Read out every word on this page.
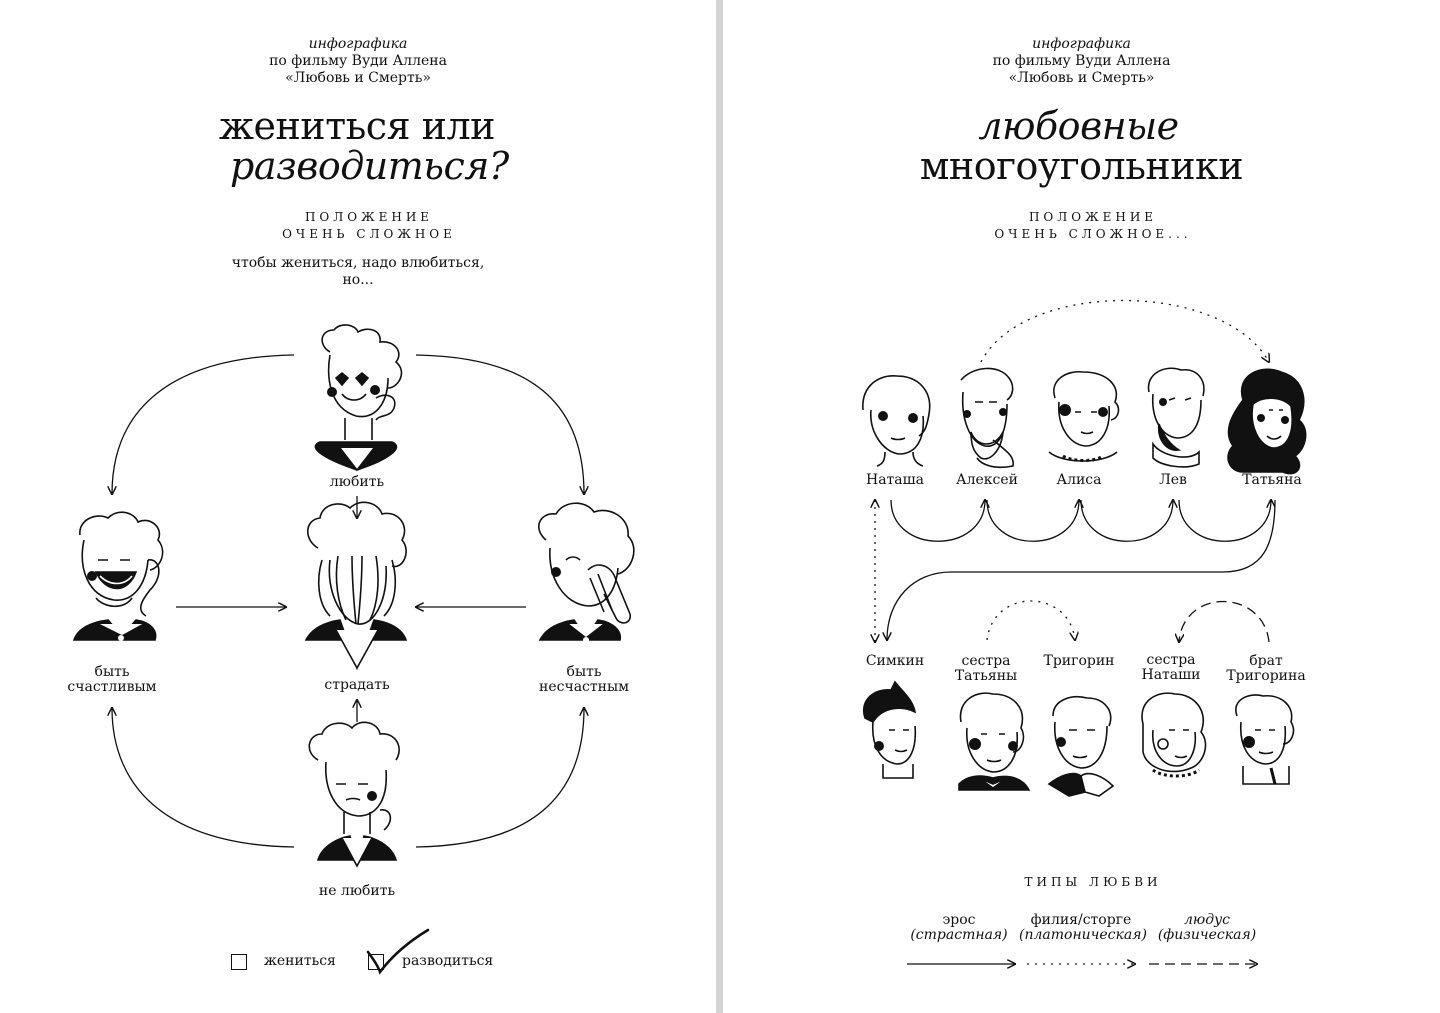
инфографика
по фильму Вуди Аллена
«Любовь и Смерть»
жениться или
разводиться?
ПОЛОЖЕНИЕ
ОЧЕНЬ СЛОЖНОЕ
чтобы жениться, надо влюбиться,
но...
любить
быть
счастливым	страдать
быть
несчастным
не любить
жениться	разводиться
инфографика
по фильму Вуди Аллена
«Любовь и Смерть»
любовные
многоугольники
ПОЛОЖЕНИЕ
ОЧЕНЬ СЛОЖНОЕ...
Наташа	Алексей	Алиса	Лев	Татьяна
Симкин	сестра
Татьяны
Тригорин	сестра
Наташи
брат
Тригорина
ТИПЫ ЛЮБВИ
эрос
(страстная)
филия/сторге
(платоническая)
людус
(физическая)
